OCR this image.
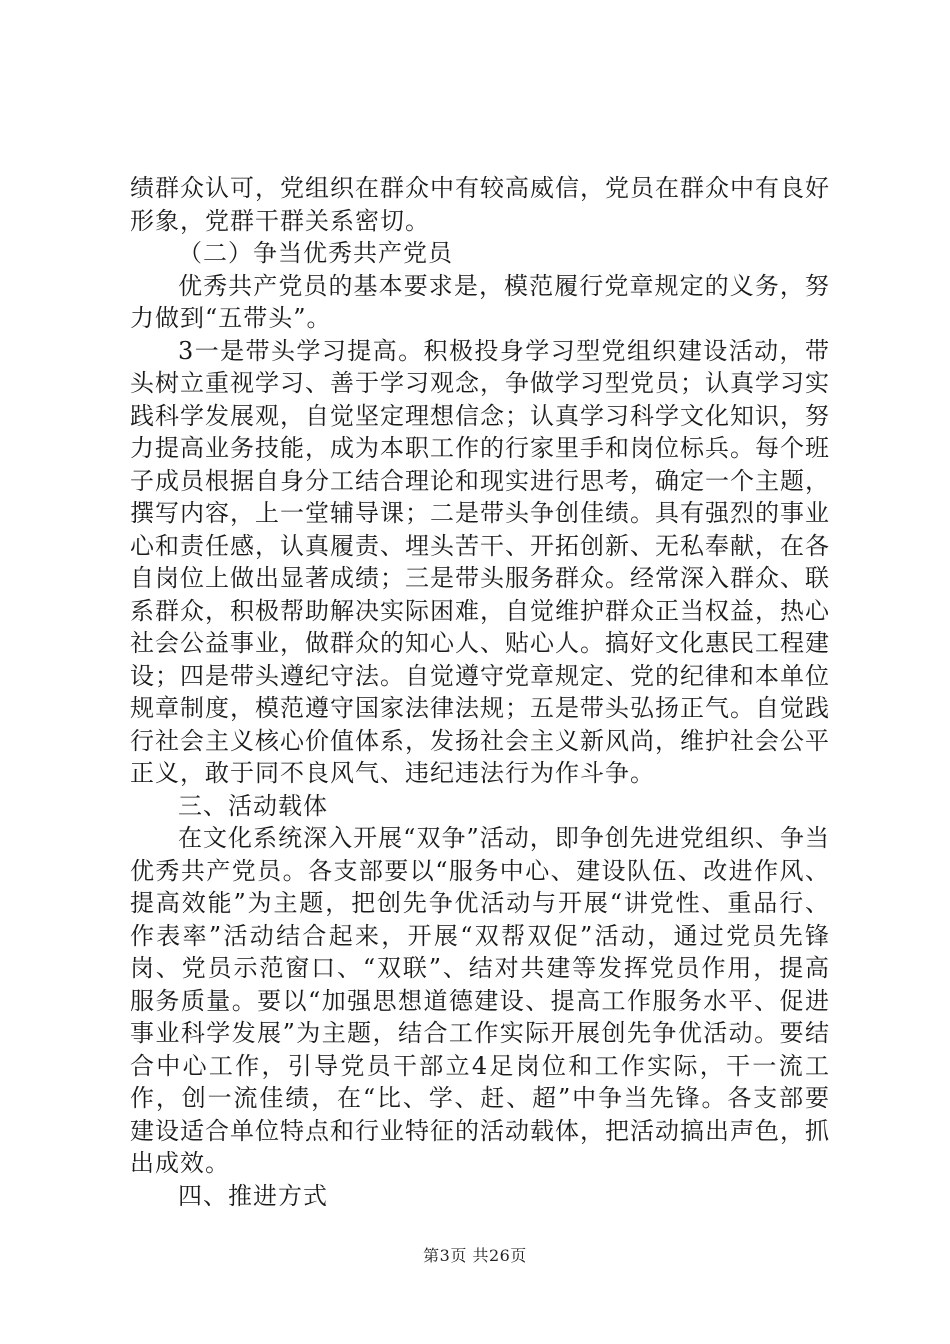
绩群众认可，党组织在群众中有较高威信，党员在群众中有良好形象，党群干群关系密切。

（二）争当优秀共产党员

优秀共产党员的基本要求是，模范履行党章规定的义务，努力做到“五带头”。

3一是带头学习提高。积极投身学习型党组织建设活动，带头树立重视学习、善于学习观念，争做学习型党员；认真学习实践科学发展观，自觉坚定理想信念；认真学习科学文化知识，努力提高业务技能，成为本职工作的行家里手和岗位标兵。每个班子成员根据自身分工结合理论和现实进行思考，确定一个主题，撰写内容，上一堂辅导课；二是带头争创佳绩。具有强烈的事业心和责任感，认真履责、埋头苦干、开拓创新、无私奉献，在各自岗位上做出显著成绩；三是带头服务群众。经常深入群众、联系群众，积极帮助解决实际困难，自觉维护群众正当权益，热心社会公益事业，做群众的知心人、贴心人。搞好文化惠民工程建设；四是带头遵纪守法。自觉遵守党章规定、党的纪律和本单位规章制度，模范遵守国家法律法规；五是带头弘扬正气。自觉践行社会主义核心价值体系，发扬社会主义新风尚，维护社会公平正义，敢于同不良风气、违纪违法行为作斗争。

三、活动载体

在文化系统深入开展“双争”活动，即争创先进党组织、争当优秀共产党员。各支部要以“服务中心、建设队伍、改进作风、提高效能”为主题，把创先争优活动与开展“讲党性、重品行、作表率”活动结合起来，开展“双帮双促”活动，通过党员先锋岗、党员示范窗口、“双联”、结对共建等发挥党员作用，提高服务质量。要以“加强思想道德建设、提高工作服务水平、促进事业科学发展”为主题，结合工作实际开展创先争优活动。要结合中心工作，引导党员干部立4足岗位和工作实际，干一流工作，创一流佳绩，在“比、学、赶、超”中争当先锋。各支部要建设适合单位特点和行业特征的活动载体，把活动搞出声色，抓出成效。

四、推进方式

第3页 共26页
